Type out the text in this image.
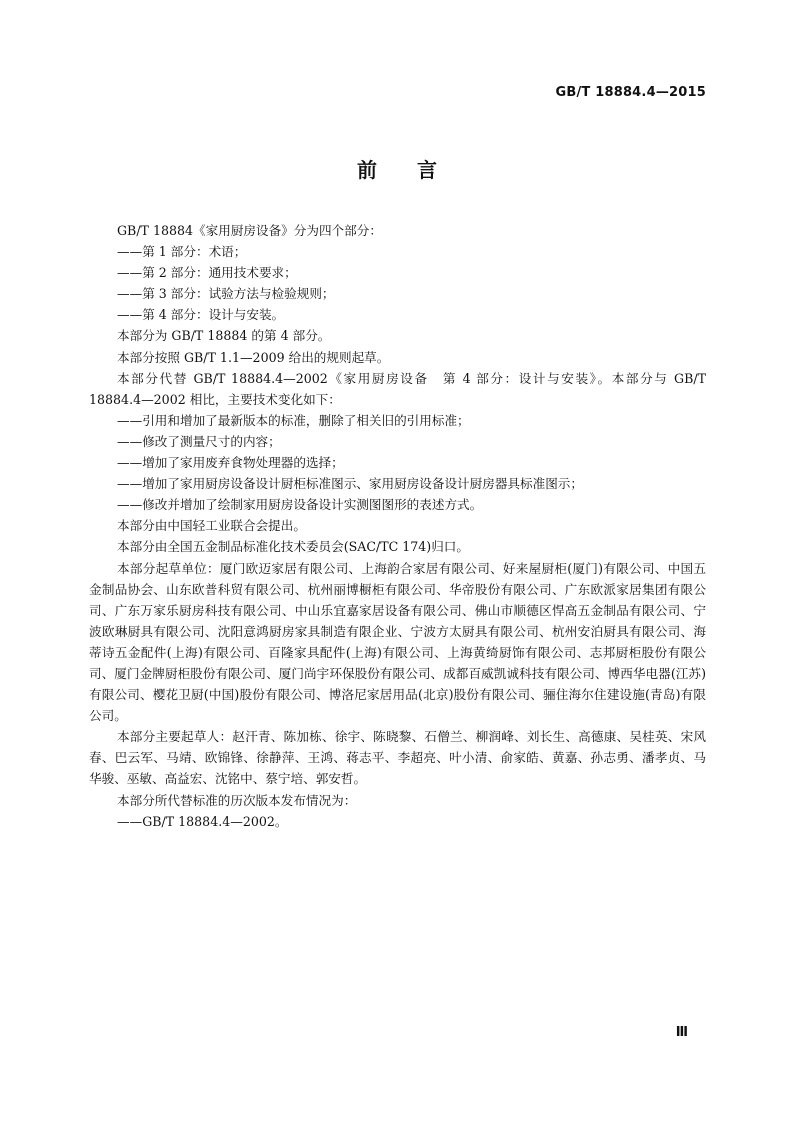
GB/T 18884.4—2015
前言

GB/T 18884《家用厨房设备》分为四个部分：

——第 1 部分：术语；

——第 2 部分：通用技术要求；

——第 3 部分：试验方法与检验规则；

——第 4 部分：设计与安装。

本部分为 GB/T 18884 的第 4 部分。

本部分按照 GB/T 1.1—2009 给出的规则起草。

本部分代替 GB/T 18884.4—2002《家用厨房设备　第 4 部分：设计与安装》。本部分与 GB/T 18884.4—2002 相比，主要技术变化如下：

——引用和增加了最新版本的标准，删除了相关旧的引用标准；

——修改了测量尺寸的内容；

——增加了家用废弃食物处理器的选择；

——增加了家用厨房设备设计厨柜标准图示、家用厨房设备设计厨房器具标准图示；

——修改并增加了绘制家用厨房设备设计实测图图形的表述方式。

本部分由中国轻工业联合会提出。

本部分由全国五金制品标准化技术委员会(SAC/TC 174)归口。

本部分起草单位：厦门欧迈家居有限公司、上海韵合家居有限公司、好来屋厨柜(厦门)有限公司、中国五金制品协会、山东欧普科贸有限公司、杭州丽博橱柜有限公司、华帝股份有限公司、广东欧派家居集团有限公司、广东万家乐厨房科技有限公司、中山乐宜嘉家居设备有限公司、佛山市顺德区悍高五金制品有限公司、宁波欧琳厨具有限公司、沈阳意鸿厨房家具制造有限企业、宁波方太厨具有限公司、杭州安泊厨具有限公司、海蒂诗五金配件(上海)有限公司、百隆家具配件(上海)有限公司、上海黄绮厨饰有限公司、志邦厨柜股份有限公司、厦门金牌厨柜股份有限公司、厦门尚宇环保股份有限公司、成都百威凯诚科技有限公司、博西华电器(江苏)有限公司、樱花卫厨(中国)股份有限公司、博洛尼家居用品(北京)股份有限公司、骊住海尔住建设施(青岛)有限公司。

本部分主要起草人：赵汗青、陈加栋、徐宇、陈晓黎、石僧兰、柳润峰、刘长生、高德康、吴桂英、宋风春、巴云军、马靖、欧锦锋、徐静萍、王鸿、蒋志平、李超亮、叶小清、俞家皓、黄嘉、孙志勇、潘孝贞、马华骏、巫敏、高益宏、沈铭中、蔡宁培、郭安哲。

本部分所代替标准的历次版本发布情况为：

——GB/T 18884.4—2002。

Ⅲ
